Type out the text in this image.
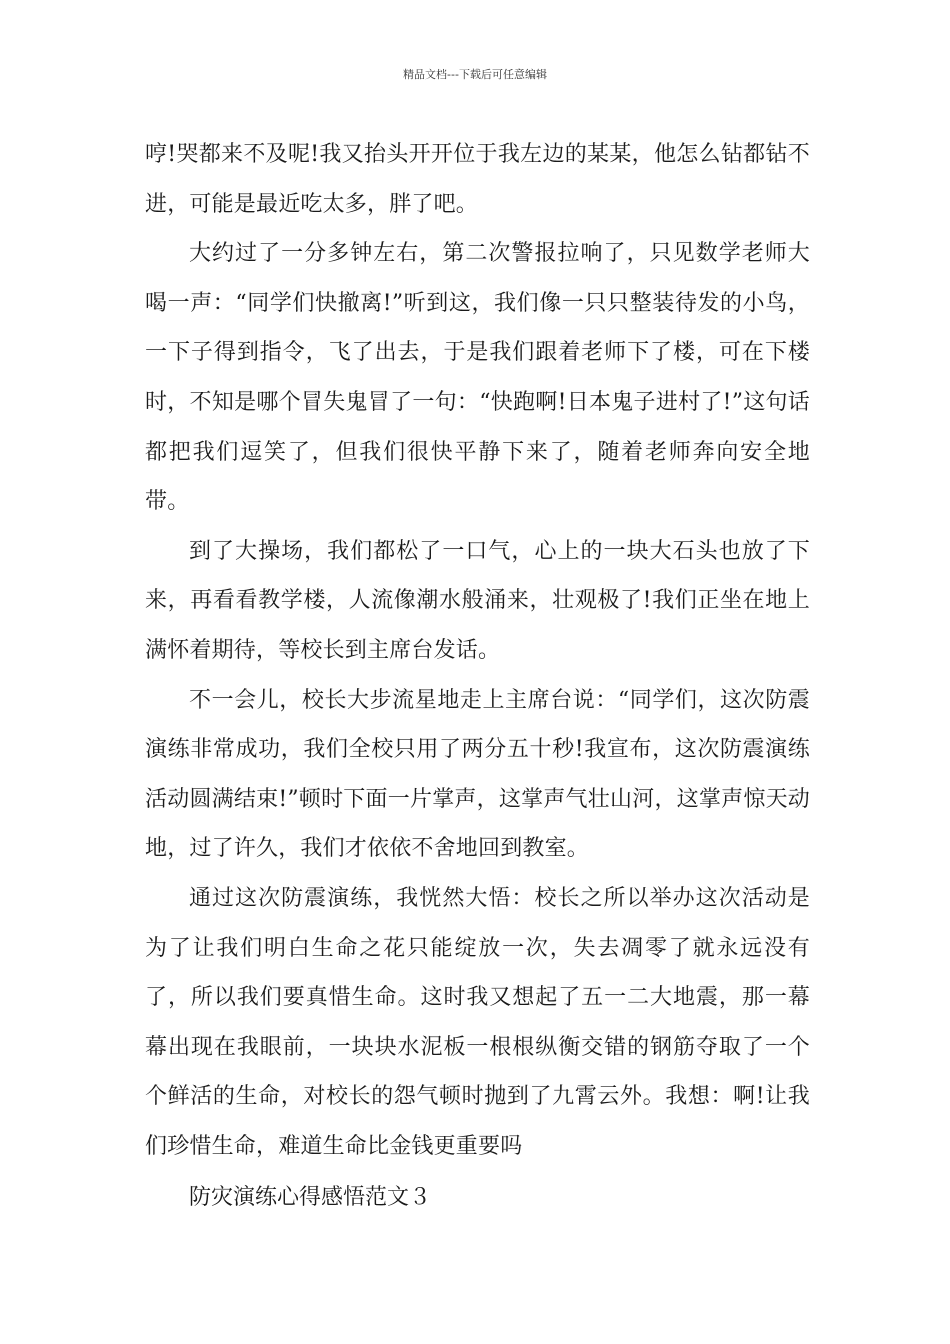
精品文档---下载后可任意编辑

哼!哭都来不及呢!我又抬头开开位于我左边的某某，他怎么钻都钻不进，可能是最近吃太多，胖了吧。

大约过了一分多钟左右，第二次警报拉响了，只见数学老师大喝一声：“同学们快撤离!”听到这，我们像一只只整装待发的小鸟，一下子得到指令，飞了出去，于是我们跟着老师下了楼，可在下楼时，不知是哪个冒失鬼冒了一句：“快跑啊!日本鬼子进村了!”这句话都把我们逗笑了，但我们很快平静下来了，随着老师奔向安全地带。

到了大操场，我们都松了一口气，心上的一块大石头也放了下来，再看看教学楼，人流像潮水般涌来，壮观极了!我们正坐在地上满怀着期待，等校长到主席台发话。

不一会儿，校长大步流星地走上主席台说：“同学们，这次防震演练非常成功，我们全校只用了两分五十秒!我宣布，这次防震演练活动圆满结束!”顿时下面一片掌声，这掌声气壮山河，这掌声惊天动地，过了许久，我们才依依不舍地回到教室。

通过这次防震演练，我恍然大悟：校长之所以举办这次活动是为了让我们明白生命之花只能绽放一次，失去凋零了就永远没有了，所以我们要真惜生命。这时我又想起了五一二大地震，那一幕幕出现在我眼前，一块块水泥板一根根纵衡交错的钢筋夺取了一个个鲜活的生命，对校长的怨气顿时抛到了九霄云外。我想：啊!让我们珍惜生命，难道生命比金钱更重要吗

防灾演练心得感悟范文３
